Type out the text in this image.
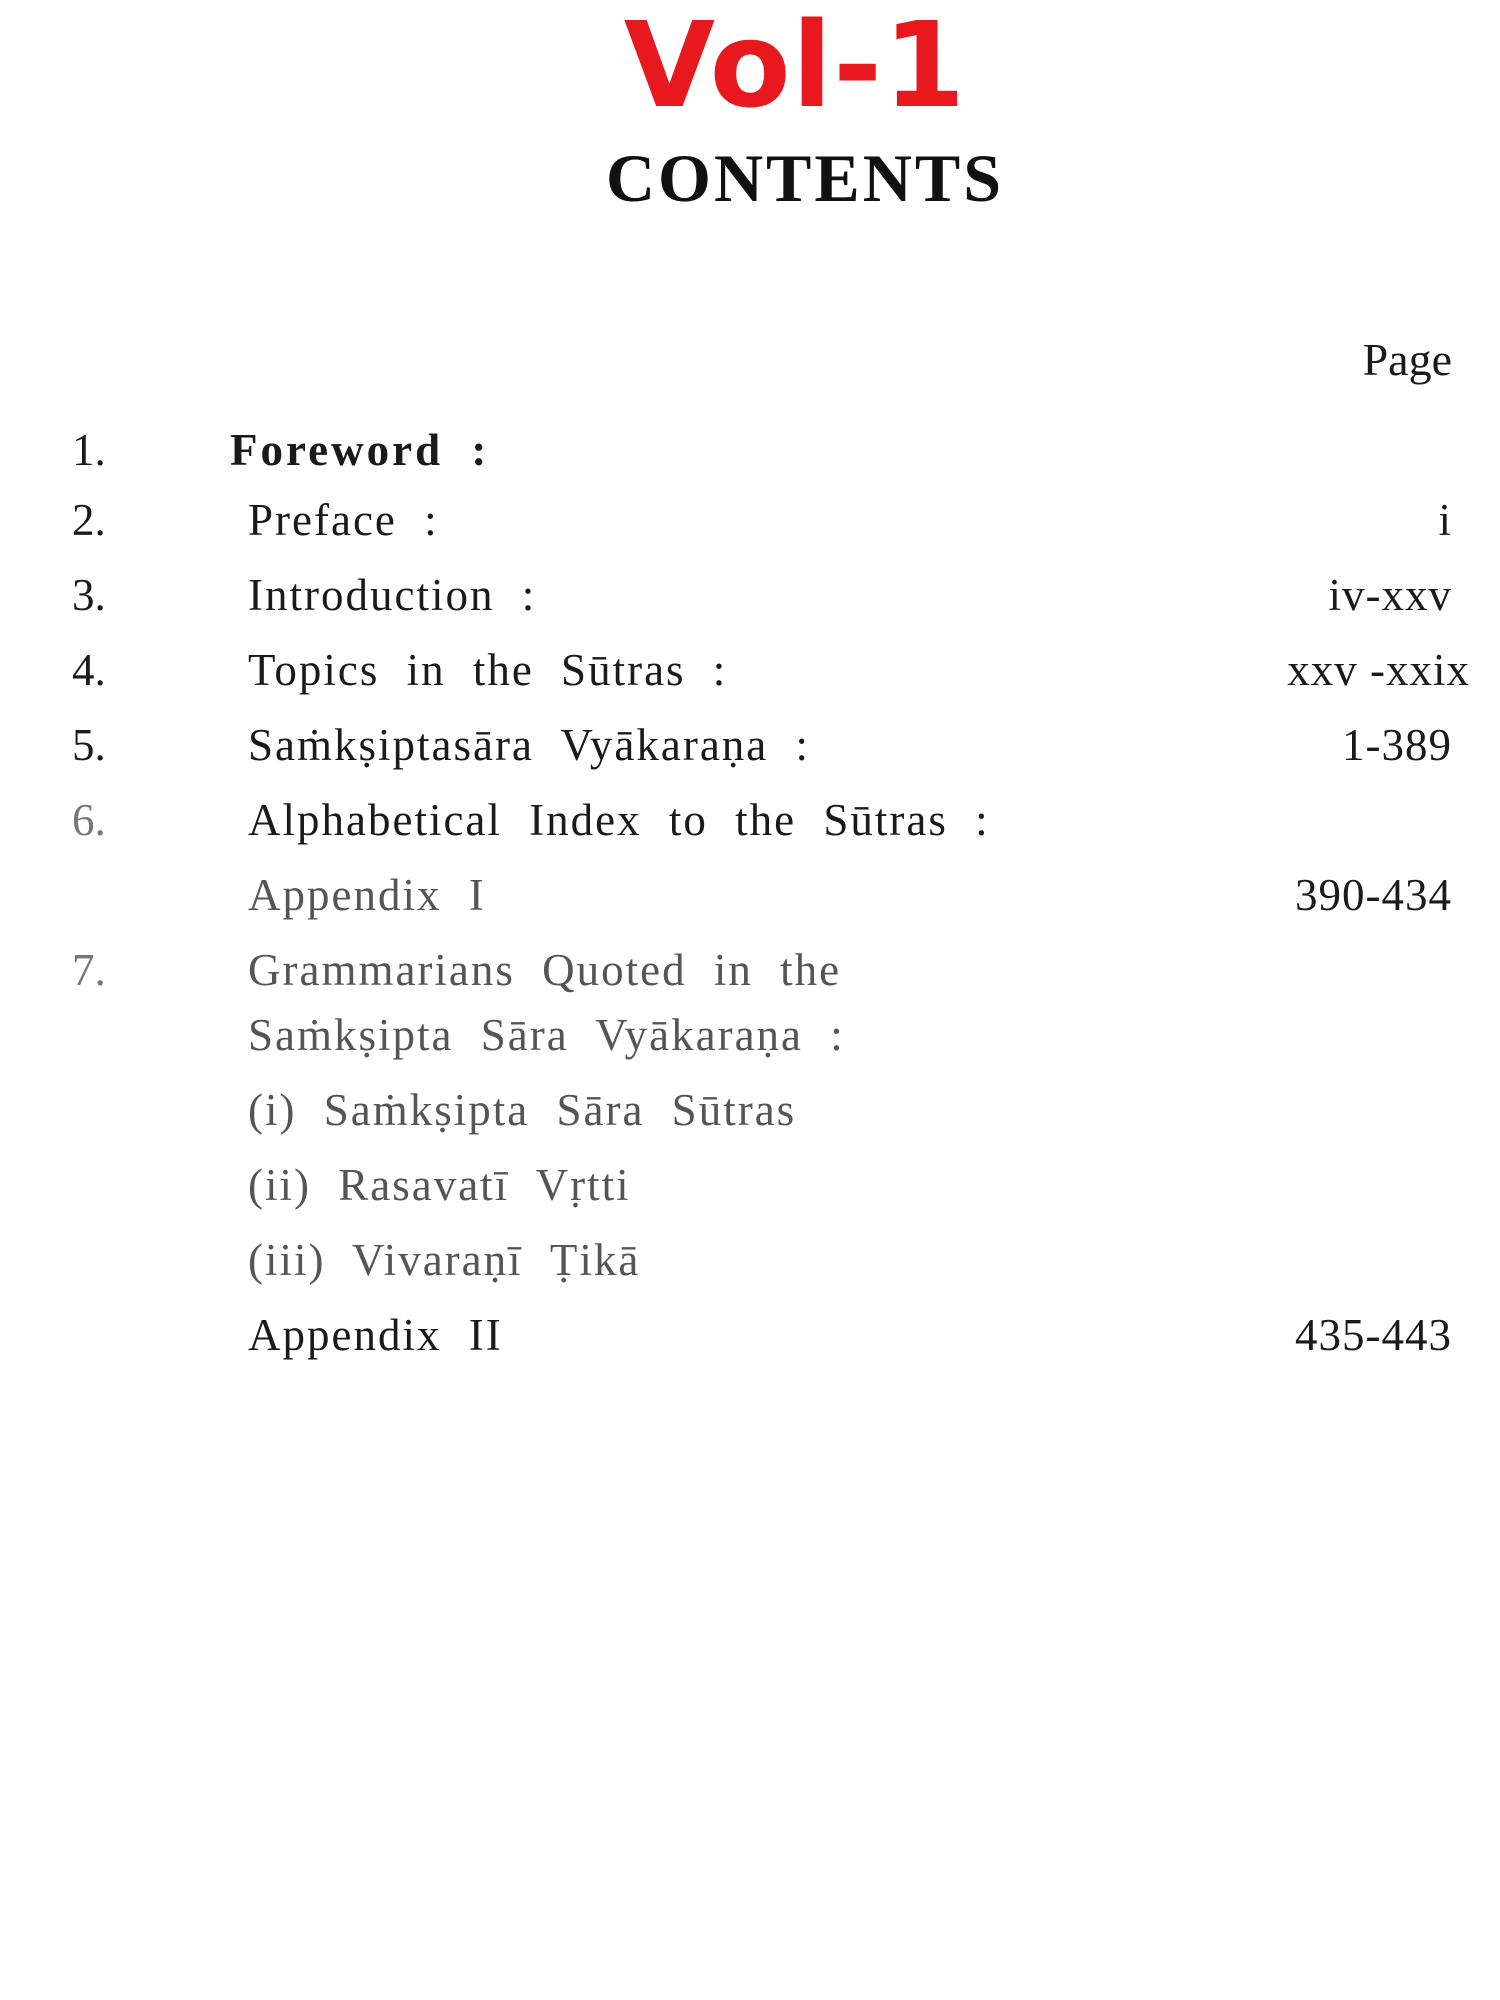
Vol-1
CONTENTS
Page
1.	Foreword :
2.	Preface :	i
3.	Introduction :	iv-xxv
4.	Topics in the Sūtras :	xxv -xxix
5.	Saṁkṣiptasāra Vyākaraṇa :	1-389
6.	Alphabetical Index to the Sūtras :
Appendix I	390-434
7.	Grammarians Quoted in the
Saṁkṣipta Sāra Vyākaraṇa :
(i) Saṁkṣipta Sāra Sūtras
(ii) Rasavatī Vṛtti
(iii) Vivaraṇī Ṭikā
Appendix II	435-443
